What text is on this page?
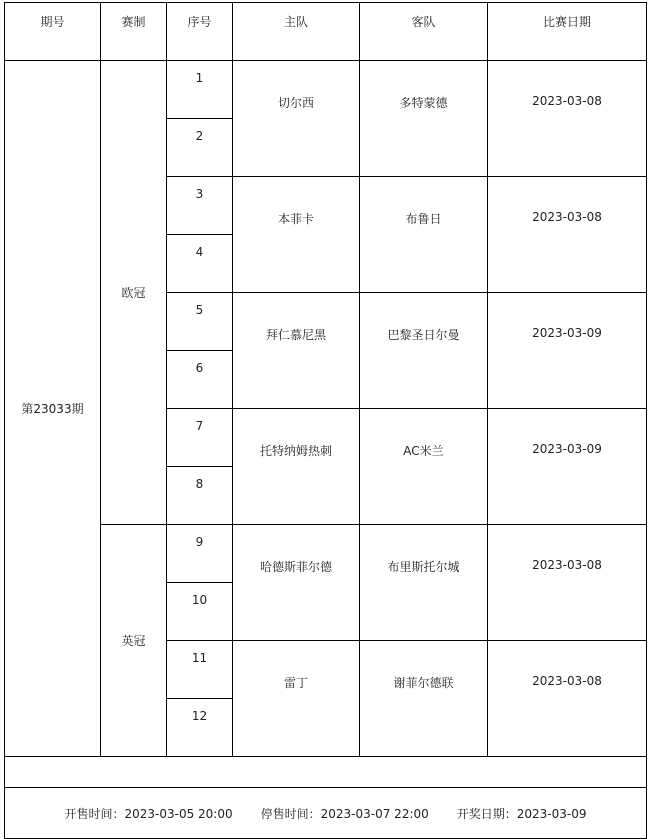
期号	赛制	序号	主队	客队	比赛日期
第23033期	欧冠	1	切尔西	多特蒙德	2023-03-08
		2			
		3	本菲卡	布鲁日	2023-03-08
		4			
		5	拜仁慕尼黑	巴黎圣日尔曼	2023-03-09
		6			
		7	托特纳姆热刺	AC米兰	2023-03-09
		8			
	英冠	9	哈德斯菲尔德	布里斯托尔城	2023-03-08
		10			
		11	雷丁	谢菲尔德联	2023-03-08
		12			

开售时间：2023-03-05 20:00 停售时间：2023-03-07 22:00 开奖日期：2023-03-09					
